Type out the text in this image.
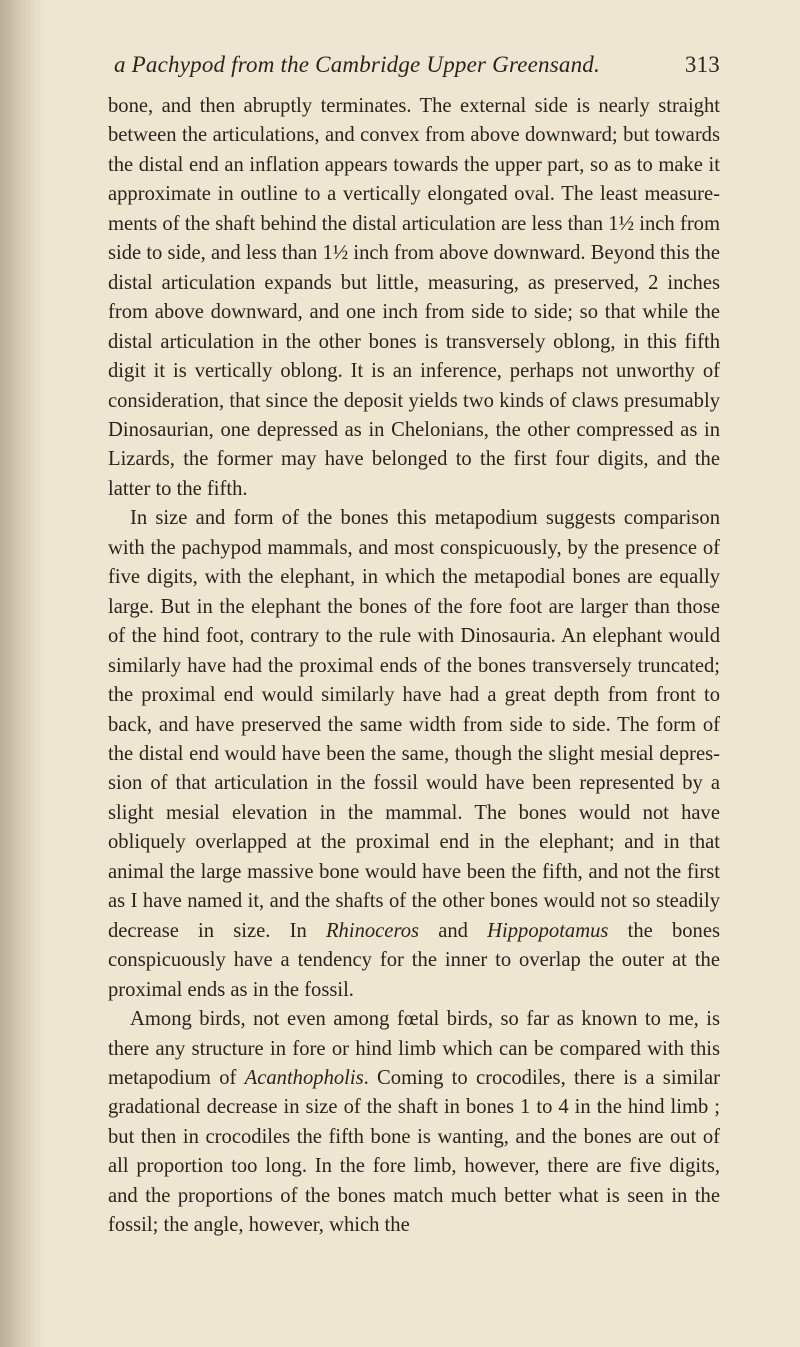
a Pachypod from the Cambridge Upper Greensand.	313

bone, and then abruptly terminates. The external side is nearly straight between the articulations, and convex from above downward; but towards the distal end an inflation appears towards the upper part, so as to make it approximate in outline to a vertically elongated oval. The least measurements of the shaft behind the distal articulation are less than 1½ inch from side to side, and less than 1½ inch from above downward. Beyond this the distal articulation expands but little, measuring, as preserved, 2 inches from above downward, and one inch from side to side; so that while the distal articulation in the other bones is transversely oblong, in this fifth digit it is vertically oblong. It is an inference, perhaps not unworthy of consideration, that since the deposit yields two kinds of claws presumably Dinosaurian, one depressed as in Chelonians, the other compressed as in Lizards, the former may have belonged to the first four digits, and the latter to the fifth.

In size and form of the bones this metapodium suggests comparison with the pachypod mammals, and most conspicuously, by the presence of five digits, with the elephant, in which the metapodial bones are equally large. But in the elephant the bones of the fore foot are larger than those of the hind foot, contrary to the rule with Dinosauria. An elephant would similarly have had the proximal ends of the bones transversely truncated; the proximal end would similarly have had a great depth from front to back, and have preserved the same width from side to side. The form of the distal end would have been the same, though the slight mesial depression of that articulation in the fossil would have been represented by a slight mesial elevation in the mammal. The bones would not have obliquely overlapped at the proximal end in the elephant; and in that animal the large massive bone would have been the fifth, and not the first as I have named it, and the shafts of the other bones would not so steadily decrease in size. In Rhinoceros and Hippopotamus the bones conspicuously have a tendency for the inner to overlap the outer at the proximal ends as in the fossil.

Among birds, not even among fœtal birds, so far as known to me, is there any structure in fore or hind limb which can be compared with this metapodium of Acanthopholis. Coming to crocodiles, there is a similar gradational decrease in size of the shaft in bones 1 to 4 in the hind limb ; but then in crocodiles the fifth bone is wanting, and the bones are out of all proportion too long. In the fore limb, however, there are five digits, and the proportions of the bones match much better what is seen in the fossil; the angle, however, which the
